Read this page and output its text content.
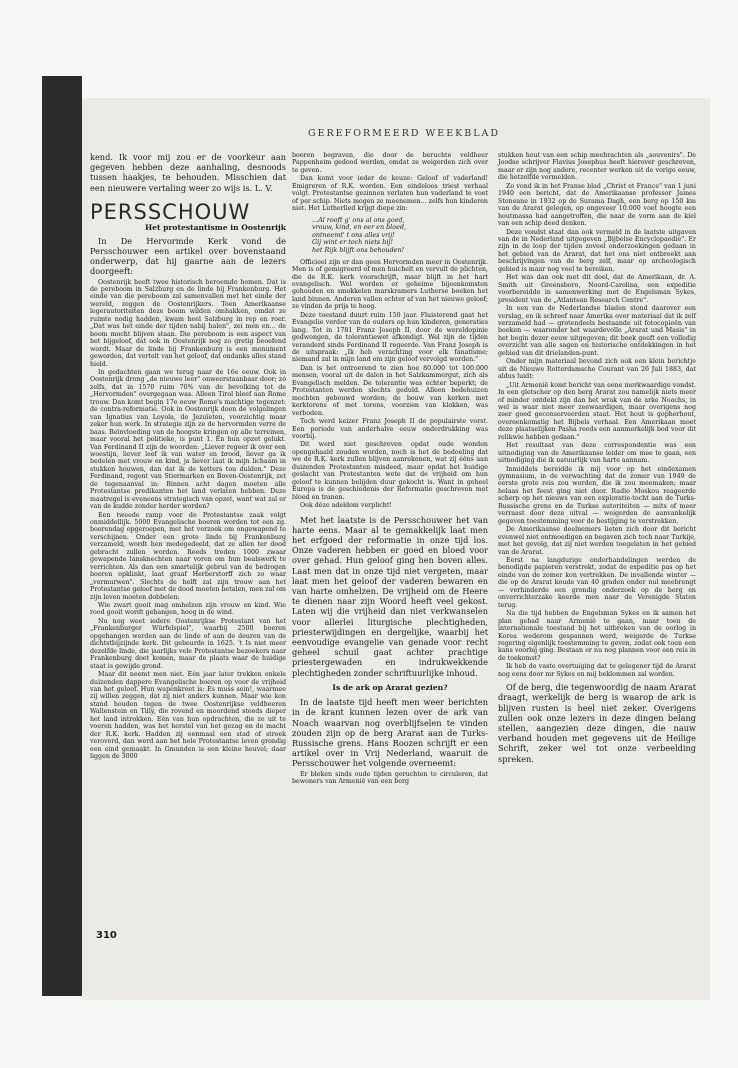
GEREFORMEERD WEEKBLAD

kend. Ik voor mij zou er de voorkeur aan gegeven hebben deze aanhaling, desnoods tussen haakjes, te behouden. Misschien dat een nieuwere vertaling weer zo wijs is. L. V.

PERSSCHOUW
Het protestantisme in Oostenrijk

In De Hervormde Kerk vond de Persschouwer een artikel over bovenstaand onderwerp, dat hij gaarne aan de lezers doorgeeft:

Oostenrijk heeft twee historisch beroemde bomen. Dat is de pereboom in Salzburg en de linde bij Frankenburg. Het einde van die pereboom zal samenvallen met het einde der wereld, zeggen de Oostenrijkers. Toen Amerikaanse legerautoriteiten deze boom wilden omhakken, omdat ze ruimte nodig hadden, kwam heel Salzburg in rep en roer. „Dat was het einde der tijden nabij halen", zei men en... de boom mocht blijven staan. Die pereboom is een aspect van het bijgeloof, dat ook in Oostenrijk nog zo gretig beoefend wordt. Maar de linde bij Frankenburg is een monument geworden, dat vertelt van het geloof, dat ondanks alles stand hield.

In gedachten gaan we terug naar de 16e eeuw. Ook in Oostenrijk drong „de nieuwe leer" onweerstaanbaar door; zó zelfs, dat in 1570 ruim 70% van de bevolking tot de „Hervormden" overgegaan was. Alleen Tirol bleef aan Rome trouw. Dan komt begin 17e eeuw Rome's machtige tegenzet: de contra-reformatie. Ook in Oostenrijk doen de volgelingen van Ignatius van Loyola, de Jezuïeten, voorzichtig maar zeker hun werk. In strategie zijn ze de hervormden verre de baas. Beïnvloeding van de hoogste kringen op alle terreinen, maar vooral het politieke, is punt 1. En hun opzet gelukt. Van Ferdinand II zijn de woorden: „Liever regeer ik over een woestijn, liever leef ik van water en brood, liever ga ik bedelen met vrouw en kind, ja liever laat ik mijn lichaam in stukken houwen, dan dat ik de ketters tou dulden." Deze Ferdinand, regent van Stiermarken en Boven-Oostenrijk, zet de tegenaanval in: Binnen acht dagen moeten alle Protestantse predikanten het land verlaten hebben. Deze maatregel is eveneens strategisch van opzet, want wat zal er van de kudde zonder herder worden?

Een tweede ramp voor de Protestantse zaak volgt onmiddellijk. 5000 Evangelische boeren worden tot een zg. boerendag opgeroepen, met het verzoek om ongewapend te verschijnen. Onder een grote linde bij Frankenburg verzameld, wordt hen medegedeeld, dat ze allen ter dood gebracht zullen worden. Reeds treden 1000 zwaar gewapende lansknechten naar voren om hun bealswerk te verrichten. Als dan een smartelijk gebrul van de bedrogen boeren opklinkt, laat graaf Herberstorff zich zo waar „vermurwen". Slechts de helft zal zijn trouw aan het Protestantse geloof met de dood moeten betalen, men zal om zijn leven moeten dobbelen:

Wie zwart gooit mag omhelzen zijn vrouw en kind. Wie rood gooit wordt gehangen, hoog in de wind.

Nu nog weet iedere Oostenrijkse Protestant van het „Frankenburger Würfelspiel", waarbij 2500 boeren opgehangen werden aan de linde of aan de deuren van de dichtstbijzijnde kerk. Dit gebeurde in 1625. 't Is niet meer dezelfde linde, die jaarlijks vele Protestantse bezoekers naar Frankenburg doet komen, maar de plaats waar de huidige staat is gewijde grond.

Maar dit neemt men niet. Eén jaar later trekken enkele duizenden dappere Evangelische boeren op voor de vrijheid van het geloof. Hun wapenkreet is: Es muss sein!, waarmee zij willen zeggen, dat zij niet anders kunnen. Maar wie kon stand houden tegen de twee Oostenrijkse veldheeren Wallenstein en Tilly, die rovend en moordend steeds dieper het land introkken. Eén van hun opdrachten, die ze uit te voeren hadden, was het herstel van het gezag en de macht der R.K. kerk. Hadden zij eenmaal een stad of streek veroverd, dan werd aan het hele Protestantse leven grondig een eind gemaakt. In Gmunden is een kleine heuvel; daar liggen de 3000

boeren begraven, die door de beruchte veldheer Pappenheim gedood werden, omdat ze weigerden zich over te geven.

Dan komt voor ieder de keuze: Geloof of vaderland! Emigreren of R.K. worden. Een eindeloos triest verhaal volgt. Protestantse gezinnen verlaten hun vaderland te voet of per schip. Niets mogen ze meenemen... zelfs hun kinderen niet. Het Lutherlied krijgt diepe zin:

...Al rooft g' ons al ons goed,
vrouw, kind, en eer en bloed,
ontneemt' t ons alles vrij!
Gij wint er toch niets bij!
het Rijk blijft ons behouden!

Officieel zijn er dan geen Hervormden meer in Oostenrijk. Men is of gemigreerd of men huichelt en vervult de plichten, die de R.K. kerk voorschrijft, maar blijft in het hart evangelisch. Wel worden er geheime bijeenkomsten gehouden en smokkelen marskramers Lutherse boeken het land binnen. Anderen vallen echter af van het nieuwe geloof; ze vinden de prijs te hoog.

Deze toestand duurt ruim 150 jaar. Fluisterend gaat het Evangelie verder van de ouders op hun kinderen, generaties lang. Tot in 1781 Franz Joseph II, door de wereldopinie gedwongen, de tolerantiewet afkondigt. Wel zijn de tijden veranderd sinds Ferdinand II regeerde. Van Franz Joseph is de uitspraak: „Ik heb verachting voor elk fanatisme; niemand zal in mijn land om zijn geloof vervolgd worden."

Dan is het ontroerend te zien hoe 80.000 tot 100.000 mensen, vooral uit de dalen in het Salzkammergut, zich als Evangelisch melden. De tolerantie was echter beperkt; de Protestanten werden slechts geduld. Alleen bedehuizen mochten gebouwd worden; de bouw van kerken met kerktorens of met torens, voorzien van klokken, was verboden.

Toch werd keizer Franz Joseph II de populairste vorst. Een periode van anderhalve eeuw onderdrukking was voorbij.

Dit werd niet geschreven opdat oude wonden opengehaald zouden worden, noch is het de bedoeling dat we de R.K. kerk zullen blijven aanrekenen, wat zij éêns aan duizenden Protestanten misdeed, maar opdat het huidige geslacht van Protestanten wete dat de vrijheid om hun geloof te kunnen belijden duur gekocht is. Want in geheel Europa is de geschiedenis der Reformatie geschreven met bloed en tranen.

Ook déze adeldom verplicht!

Met het laatste is de Persschouwer het van harte eens. Maar al te gemakkelijk laat men het erfgoed der reformatie in onze tijd los. Onze vaderen hebben er goed en bloed voor over gehad. Hun geloof ging hen boven alles. Laat men dat in onze tijd niet vergeten, maar laat men het geloof der vaderen bewaren en van harte omhelzen. De vrijheid om de Heere te dienen naar zijn Woord heeft veel gekost. Laten wij die vrijheid dan niet verkwanselen voor allerlei liturgische plechtigheden, priesterwijdingen en dergelijke, waarbij het eenvoudige evangelie van genade voor recht geheel schuil gaat achter prachtige priestergewaden en indrukwekkende plechtigheden zonder schriftuurlijke inhoud.

Is de ark op Ararat gezien?

In de laatste tijd heeft men weer berichten in de krant kunnen lezen over de ark van Noach waarvan nog overblijfselen te vinden zouden zijn op de berg Ararat aan de Turks-Russische grens. Hans Roozen schrijft er een artikel over in Vrij Nederland, waaruit de Persschouwer het volgende overneemt:

Er bleken sinds oude tijden geruchten te circuleren, dat bewoners van Armenië van een berg

stukken hout van een schip meebrachten als „souvenirs". De Joodse schrijver Flavius Josephus heeft hierover geschreven, maar er zijn nog andere, recenter werken uit de vorige eeuw, die hetzelfde vermelden.

Zo vond ik in het Franse blad „Christ et France" van 1 juni 1940 een bericht, dat de Amerikaanse professor James Stoneane in 1932 op de Surama Dagh, een berg op 150 km van de Ararat gelegen, op ongeveer 10.000 voet hoogte een houtmassa had aangetroffen, die naar de vorm aan de kiel van een schip deed denken.

Deze vondst staat dan ook vermeld in de laatste uitgaven van de in Nederland uitgegeven „Bijbelse Encyclopaedie". Er zijn in de loop der tijden zoveel onderzoekingen gedaan in het gebied van de Ararat, dat het ons niet ontbreekt aan beschrijvingen van de berg zelf, maar op archeologisch gebied is maar nog veel te bereiken.

Het was dan ook met dit doel, dat de Amerikaan, dr. A. Smith uit Greensboro, Noord-Carolina, een expeditie voorbereidde in samenwerking met de Engelsman Sykes, president van de „Atlantean Research Centre".

In een van de Nederlandse bladen stond daarover een verslag, en ik schreef naar Amerika over materiaal dat ik zelf verzameld had — grotendeels bestaande uit fotocopieën van boeken — waaronder het waardevolle „Ararat und Masis" in het begin dezer eeuw uitgegeven; dit boek geeft een volledig overzicht van alle sagen en historische ontdekkingen in het gebied van dit drielanden-punt.

Onder mijn materiaal bevond zich ook een klein berichtje uit de Nieuwe Rotterdamsche Courant van 26 Juli 1883, dat aldus luidt:

„Uit Armenië komt bericht van eene merkwaardige vondst. In een gletscher op den berg Ararat zou namelijk niets meer of minder ontdekt zijn dan het wrak van de arke Noachs, in wel is waar niet meer zeewaardigen, maar overigens nog zeer goed geconserveerden staat. Het hout is gopherhout, overeenkomstig het Bijbels verhaal. Een Amerikaan moet deze plaatselijken Pasha reeds een aanmerkelijk bod voor dit relikwie hebben gedaan."

Het resultaat van deze correspondentie was een uitnodiging van de Amerikaanse leider om mee te gaan, een uitnodiging die ik natuurlijk van harte aannam.

Inmiddels bereidde ik mij voor op het eindexamen gymnasium, in de verwachting dat de zomer van 1949 de eerste grote reis zou worden, die ik zou meemaken; maar helaas het feest ging niet door. Radio Moskou reageerde scherp op het nieuws van een exploratie-tocht aan de Turks-Russische grens en de Turkse autoriteiten — mits of meer verraast door deze uitval — weigerden de aanvankelijk gegeven toestemming voor de bestijging te verstrekken.

De Amerikaanse deelnemers lieten zich door dit bericht evenwel niet ontmoedigen en begaven zich toch naar Turkije, met het gevolg, dat zij niet werden toegelaten in het gebied van de Ararat.

Eerst na langdurige onderhandelingen werden de benodigde papieren verstrekt, zodat de expeditie pas op het einde van de zomer kon vertrekken. De invallende winter — die op de Ararat koude van 40 graden onder nul meebrengt — verhinderde een grondig onderzoek op de berg en onverrichterzake keerde men naar de Verenigde Staten terug.

Na die tijd hebben de Engelsman Sykes en ik samen het plan gehad naar Armenië te gaan, maar toen de internationale toestand bij het uitbreken van de oorlog in Korea wederom gespannen werd, weigerde de Turkse regering eigenlijk toestemming te geven, zodat ook toen een kans voorbij ging. Bestaan er nu nog plannen voor een reis in de toekomst?

Ik heb de vaste overtuiging dat te gelegener tijd de Ararat nog eens door mr Sykes en mij beklommen zal worden.

Of de berg, die tegenwoordig de naam Ararat draagt, werkelijk de berg is waarop de ark is blijven rusten is heel niet zeker. Overigens zullen ook onze lezers in deze dingen belang stellen, aangezien deze dingen, die nauw verband houden met gegevens uit de Heilige Schrift, zeker wel tot onze verbeelding spreken.

310
